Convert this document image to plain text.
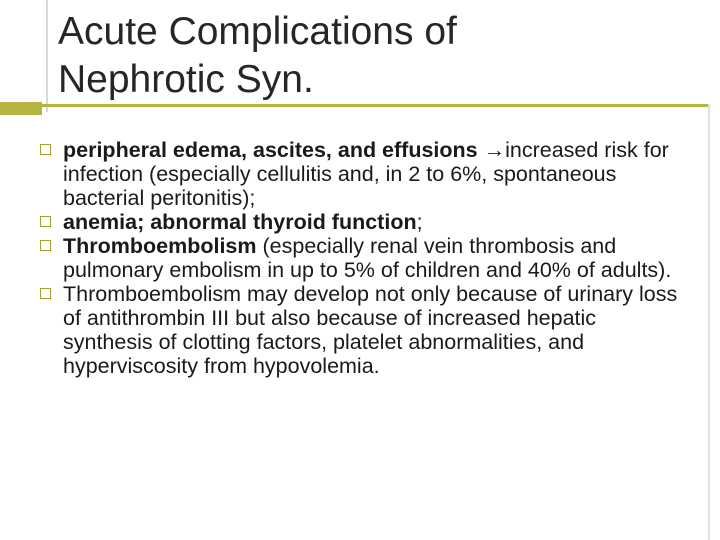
Acute Complications of
Nephrotic Syn.
peripheral edema, ascites, and effusions →increased risk for infection (especially cellulitis and, in 2 to 6%, spontaneous bacterial peritonitis);
anemia; abnormal thyroid function;
Thromboembolism (especially renal vein thrombosis and pulmonary embolism in up to 5% of children and 40% of adults).
Thromboembolism may develop not only because of urinary loss of antithrombin III but also because of increased hepatic synthesis of clotting factors, platelet abnormalities, and hyperviscosity from hypovolemia.
